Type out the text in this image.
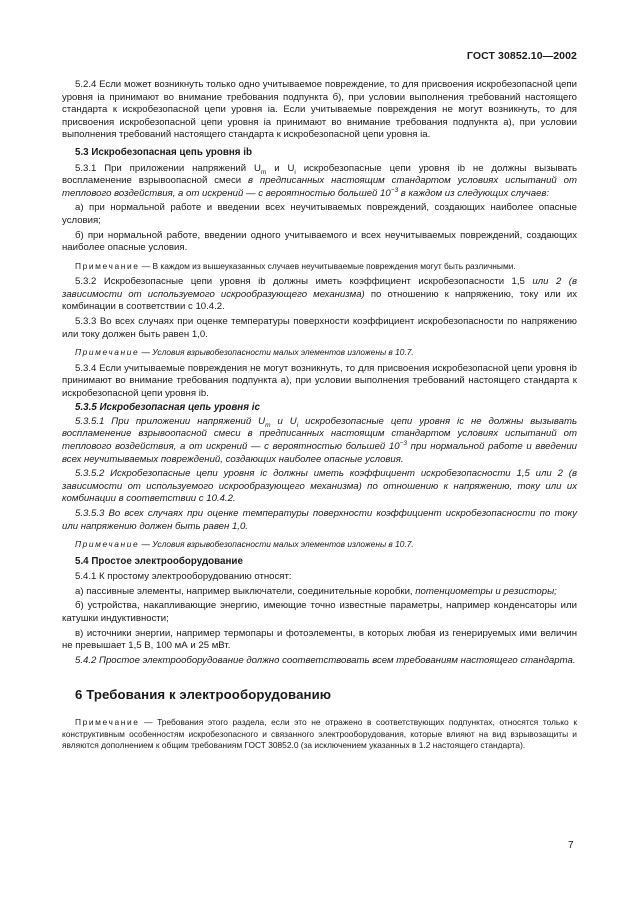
ГОСТ 30852.10—2002

5.2.4 Если может возникнуть только одно учитываемое повреждение, то для присвоения искробезопасной цепи уровня ia принимают во внимание требования подпункта б), при условии выполнения требований настоящего стандарта к искробезопасной цепи уровня ia. Если учитываемые повреждения не могут возникнуть, то для присвоения искробезопасной цепи уровня ia принимают во внимание требования подпункта а), при условии выполнения требований настоящего стандарта к искробезопасной цепи уровня ia.

5.3 Искробезопасная цепь уровня ib

5.3.1 При приложении напряжений $U_m$ и $U_i$ искробезопасные цепи уровня ib не должны вызывать воспламенение взрывоопасной смеси в предписанных настоящим стандартом условиях испытаний от теплового воздействия, а от искрений — с вероятностью большей $10^{-3}$ в каждом из следующих случаев:

а) при нормальной работе и введении всех неучитываемых повреждений, создающих наиболее опасные условия;

б) при нормальной работе, введении одного учитываемого и всех неучитываемых повреждений, создающих наиболее опасные условия.

Примечание — В каждом из вышеуказанных случаев неучитываемые повреждения могут быть различными.

5.3.2 Искробезопасные цепи уровня ib должны иметь коэффициент искробезопасности 1,5 или 2 (в зависимости от используемого искрообразующего механизма) по отношению к напряжению, току или их комбинации в соответствии с 10.4.2.

5.3.3 Во всех случаях при оценке температуры поверхности коэффициент искробезопасности по напряжению или току должен быть равен 1,0.

Примечание — Условия взрывобезопасности малых элементов изложены в 10.7.

5.3.4 Если учитываемые повреждения не могут возникнуть, то для присвоения искробезопасной цепи уровня ib принимают во внимание требования подпункта а), при условии выполнения требований настоящего стандарта к искробезопасной цепи уровня ib.

5.3.5 Искробезопасная цепь уровня ic

5.3.5.1 При приложении напряжений $U_m$ и $U_i$ искробезопасные цепи уровня ic не должны вызывать воспламенение взрывоопасной смеси в предписанных настоящим стандартом условиях испытаний от теплового воздействия, а от искрений — с вероятностью большей $10^{-3}$ при нормальной работе и введении всех неучитываемых повреждений, создающих наиболее опасные условия.

5.3.5.2 Искробезопасные цепи уровня ic должны иметь коэффициент искробезопасности 1,5 или 2 (в зависимости от используемого искрообразующего механизма) по отношению к напряжению, току или их комбинации в соответствии с 10.4.2.

5.3.5.3 Во всех случаях при оценке температуры поверхности коэффициент искробезопасности по току или напряжению должен быть равен 1,0.

Примечание — Условия взрывобезопасности малых элементов изложены в 10.7.

5.4 Простое электрооборудование

5.4.1 К простому электрооборудованию относят:

а) пассивные элементы, например выключатели, соединительные коробки, потенциометры и резисторы;

б) устройства, накапливающие энергию, имеющие точно известные параметры, например конденсаторы или катушки индуктивности;

в) источники энергии, например термопары и фотоэлементы, в которых любая из генерируемых ими величин не превышает 1,5 В, 100 мА и 25 мВт.

5.4.2 Простое электрооборудование должно соответствовать всем требованиям настоящего стандарта.

6 Требования к электрооборудованию

Примечание — Требования этого раздела, если это не отражено в соответствующих подпунктах, относятся только к конструктивным особенностям искробезопасного и связанного электрооборудования, которые влияют на вид взрывозащиты и являются дополнением к общим требованиям ГОСТ 30852.0 (за исключением указанных в 1.2 настоящего стандарта).

7
